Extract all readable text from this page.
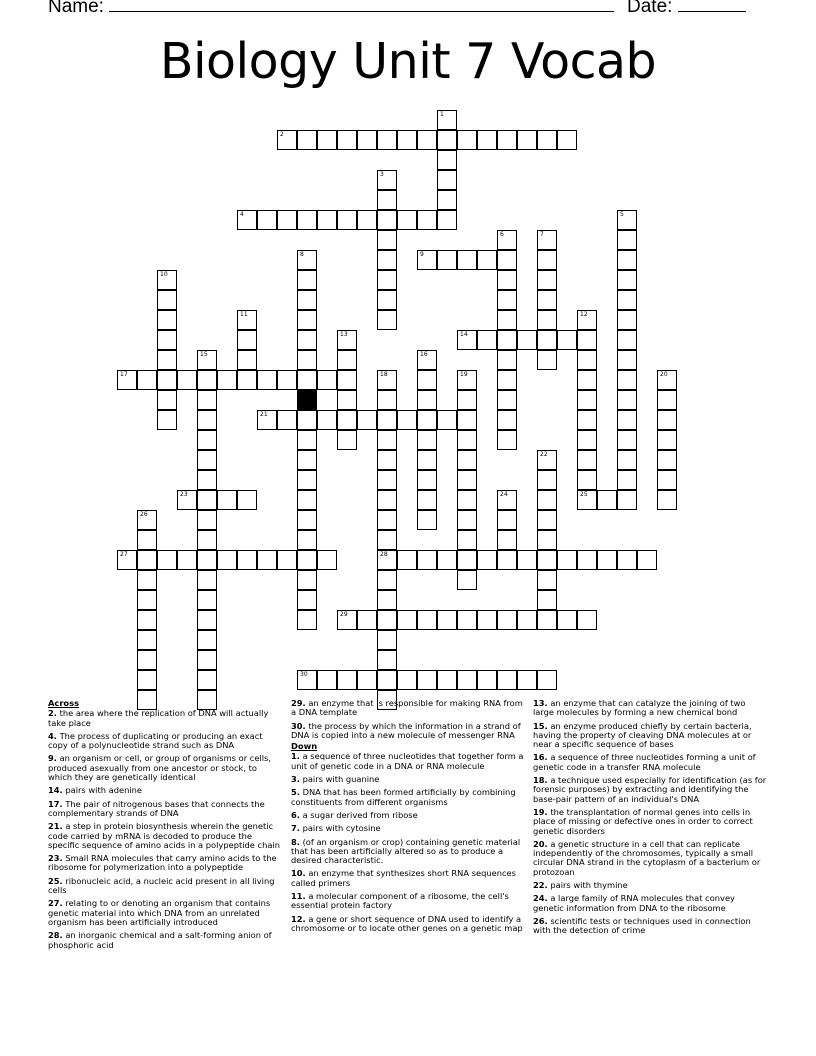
Name:	Date:
Biology Unit 7 Vocab
1
2
3
4	5
6	7
8	9
10
11	12
25
13	14
15	16
17	18
28
19	20
21
22
23	24
26
27
29
30
Across
2. the area where the replication of DNA will actually take place
4. The process of duplicating or producing an exact copy of a polynucleotide strand such as DNA
9. an organism or cell, or group of organisms or cells, produced asexually from one ancestor or stock, to which they are genetically identical
14. pairs with adenine
17. The pair of nitrogenous bases that connects the complementary strands of DNA
21. a step in protein biosynthesis wherein the genetic code carried by mRNA is decoded to produce the specific sequence of amino acids in a polypeptide chain
23. Small RNA molecules that carry amino acids to the ribosome for polymerization into a polypeptide
25. ribonucleic acid, a nucleic acid present in all living cells
27. relating to or denoting an organism that contains genetic material into which DNA from an unrelated organism has been artificially introduced
28. an inorganic chemical and a salt-forming anion of phosphoric acid
29. an enzyme that is responsible for making RNA from a DNA template
30. the process by which the information in a strand of DNA is copied into a new molecule of messenger RNA
Down
1. a sequence of three nucleotides that together form a unit of genetic code in a DNA or RNA molecule
3. pairs with guanine
5. DNA that has been formed artificially by combining constituents from different organisms
6. a sugar derived from ribose
7. pairs with cytosine
8. (of an organism or crop) containing genetic material that has been artificially altered so as to produce a desired characteristic.
10. an enzyme that synthesizes short RNA sequences called primers
11. a molecular component of a ribosome, the cell's essential protein factory
12. a gene or short sequence of DNA used to identify a chromosome or to locate other genes on a genetic map
13. an enzyme that can catalyze the joining of two large molecules by forming a new chemical bond
15. an enzyme produced chiefly by certain bacteria, having the property of cleaving DNA molecules at or near a specific sequence of bases
16. a sequence of three nucleotides forming a unit of genetic code in a transfer RNA molecule
18. a technique used especially for identification (as for forensic purposes) by extracting and identifying the base-pair pattern of an individual's DNA
19. the transplantation of normal genes into cells in place of missing or defective ones in order to correct genetic disorders
20. a genetic structure in a cell that can replicate independently of the chromosomes, typically a small circular DNA strand in the cytoplasm of a bacterium or protozoan
22. pairs with thymine
24. a large family of RNA molecules that convey genetic information from DNA to the ribosome
26. scientific tests or techniques used in connection with the detection of crime
